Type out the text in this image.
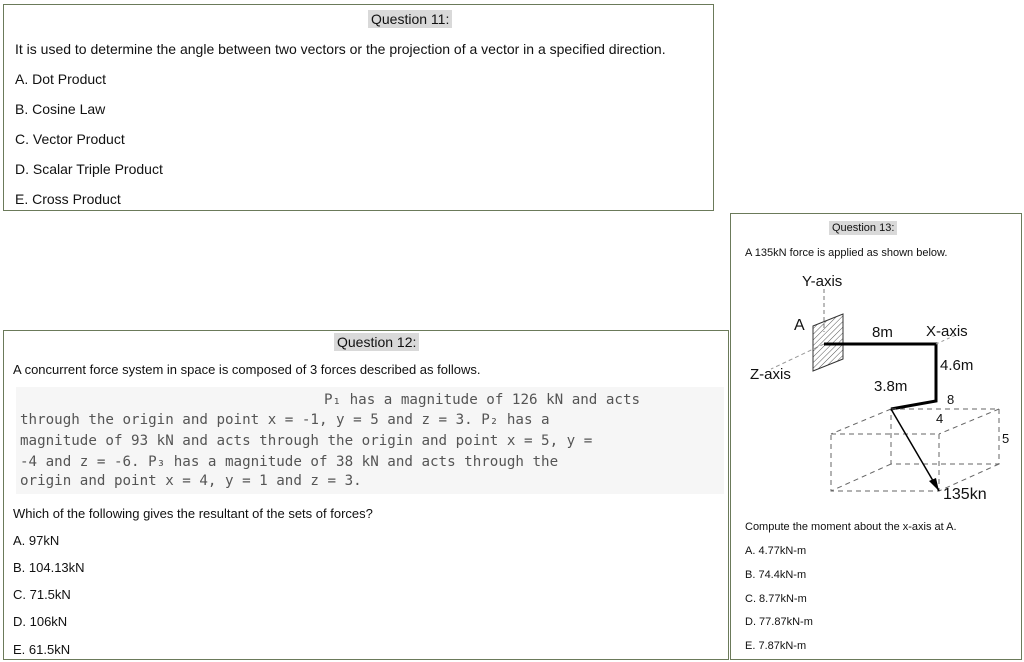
Question 11:
It is used to determine the angle between two vectors or the projection of a vector in a specified direction.
A. Dot Product
B. Cosine Law
C. Vector Product
D. Scalar Triple Product
E. Cross Product
Question 12:
A concurrent force system in space is composed of 3 forces described as follows.
P₁ has a magnitude of 126 kN and acts
through the origin and point x = -1, y = 5 and z = 3. P₂ has a
magnitude of 93 kN and acts through the origin and point x = 5, y =
-4 and z = -6. P₃ has a magnitude of 38 kN and acts through the
origin and point x = 4, y = 1 and z = 3.
Which of the following gives the resultant of the sets of forces?
A. 97kN
B. 104.13kN
C. 71.5kN
D. 106kN
E. 61.5kN
Question 13:
A 135kN force is applied as shown below.
Y-axis
A	8m X-axis
Z-axis
4.6m
3.8m
8
4
5
135kn
Compute the moment about the x-axis at A.
A. 4.77kN-m
B. 74.4kN-m
C. 8.77kN-m
D. 77.87kN-m
E. 7.87kN-m
